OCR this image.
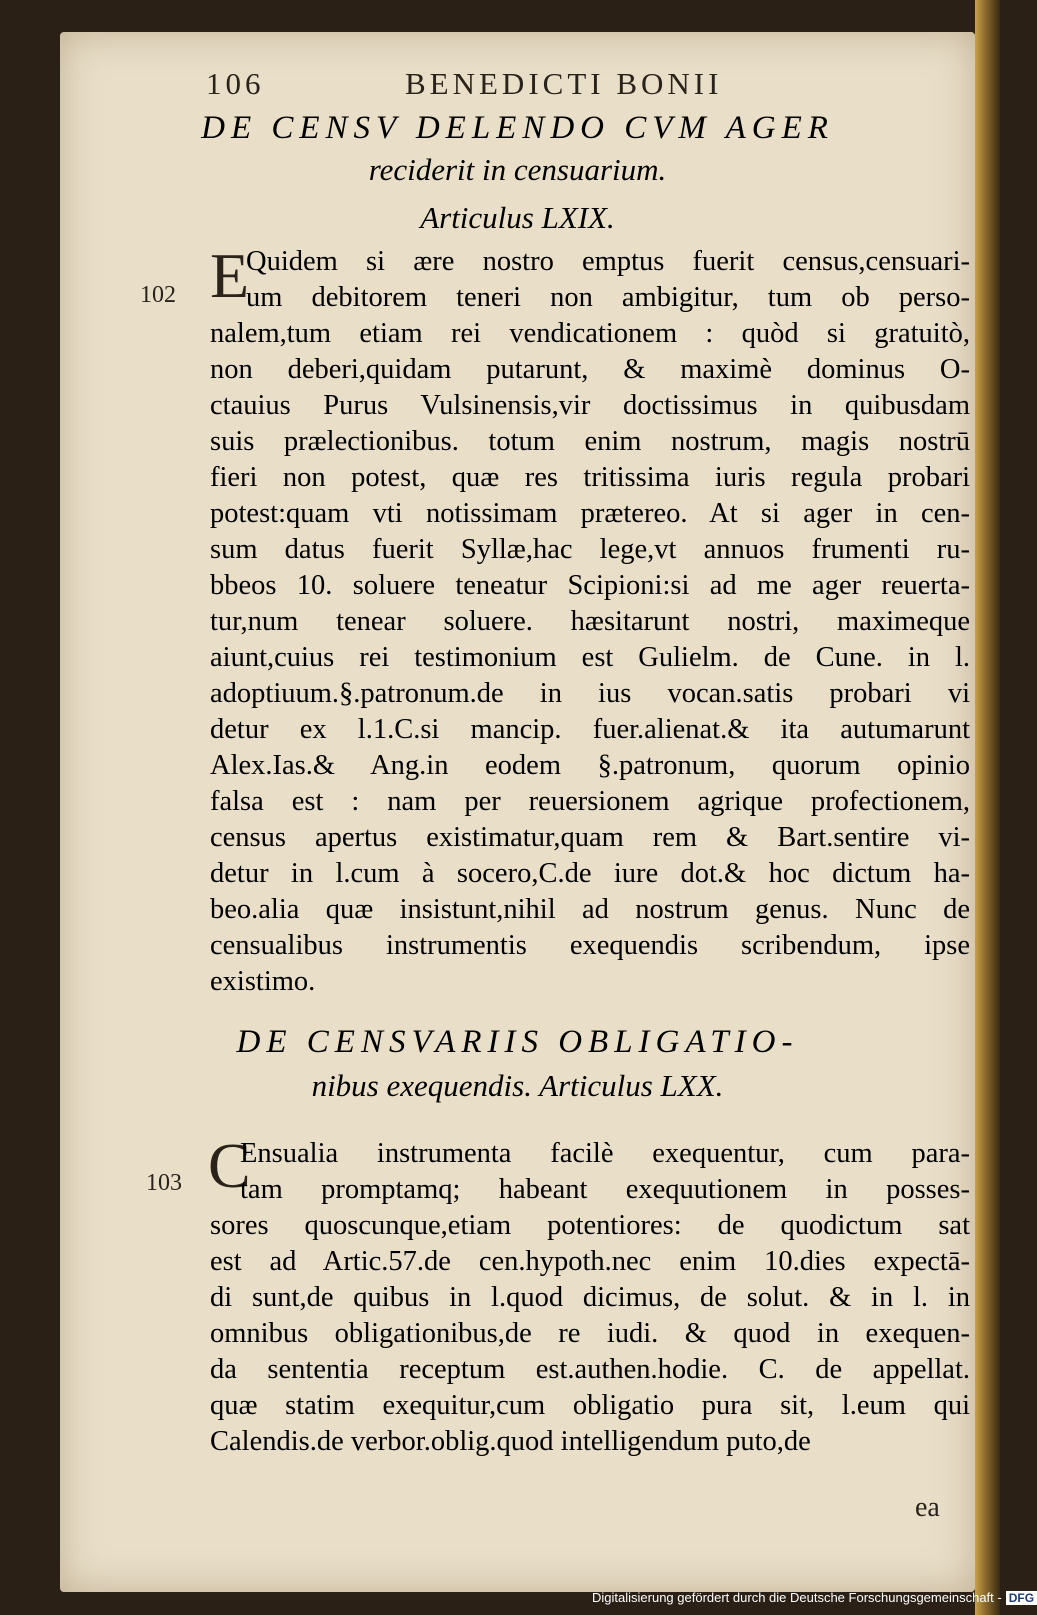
106	BENEDICTI BONII
DE CENSV DELENDO CVM AGER
reciderit in censuarium.
Articulus LXIX.
102 E
Quidem si ære nostro emptus fuerit census,censuari-
um debitorem teneri non ambigitur, tum ob perso-
nalem,tum etiam rei vendicationem : quòd si gratuitò,
non deberi,quidam putarunt, & maximè dominus O-
ctauius Purus Vulsinensis,vir doctissimus in quibusdam
suis prælectionibus. totum enim nostrum, magis nostrū
fieri non potest, quæ res tritissima iuris regula probari
potest:quam vti notissimam prætereo. At si ager in cen-
sum datus fuerit Syllæ,hac lege,vt annuos frumenti ru-
bbeos 10. soluere teneatur Scipioni:si ad me ager reuerta-
tur,num tenear soluere. hæsitarunt nostri, maximeque
aiunt,cuius rei testimonium est Gulielm. de Cune. in l.
adoptiuum.§.patronum.de in ius vocan.satis probari vi
detur ex l.1.C.si mancip. fuer.alienat.& ita autumarunt
Alex.Ias.& Ang.in eodem §.patronum, quorum opinio
falsa est : nam per reuersionem agrique profectionem,
census apertus existimatur,quam rem & Bart.sentire vi-
detur in l.cum à socero,C.de iure dot.& hoc dictum ha-
beo.alia quæ insistunt,nihil ad nostrum genus. Nunc de
censualibus instrumentis exequendis scribendum, ipse
existimo.
DE CENSVARIIS OBLIGATIO-
nibus exequendis. Articulus LXX.
103 C
Ensualia instrumenta facilè exequentur, cum para-
tam promptamq; habeant exequutionem in posses-
sores quoscunque,etiam potentiores: de quodictum sat
est ad Artic.57.de cen.hypoth.nec enim 10.dies expectā-
di sunt,de quibus in l.quod dicimus, de solut. & in l. in
omnibus obligationibus,de re iudi. & quod in exequen-
da sententia receptum est.authen.hodie. C. de appellat.
quæ statim exequitur,cum obligatio pura sit, l.eum qui
Calendis.de verbor.oblig.quod intelligendum puto,de
ea
Digitalisierung gefördert durch die Deutsche Forschungsgemeinschaft - DFG
